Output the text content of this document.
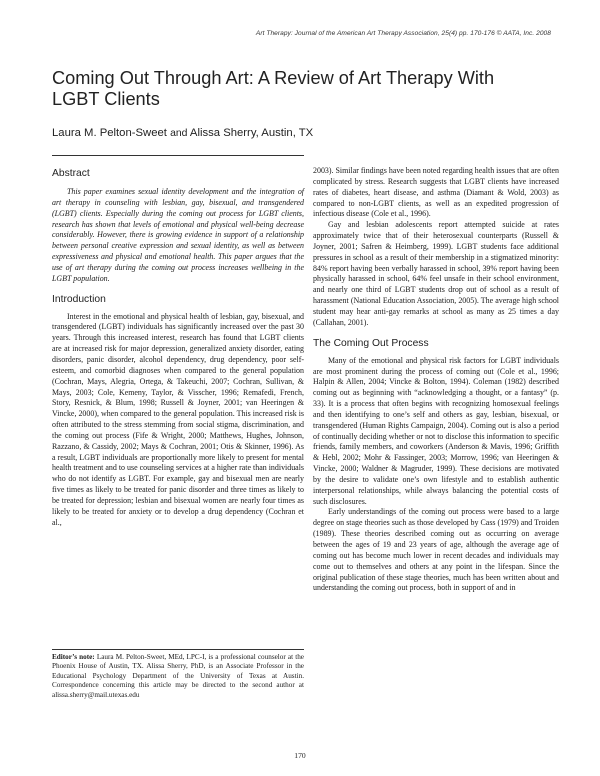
Art Therapy: Journal of the American Art Therapy Association, 25(4) pp. 170-176 © AATA, Inc. 2008
Coming Out Through Art: A Review of Art Therapy With LGBT Clients
Laura M. Pelton-Sweet and Alissa Sherry, Austin, TX
Abstract

This paper examines sexual identity development and the integration of art therapy in counseling with lesbian, gay, bisexual, and transgendered (LGBT) clients. Especially during the coming out process for LGBT clients, research has shown that levels of emotional and physical well-being decrease considerably. However, there is growing evidence in support of a relationship between personal creative expression and sexual identity, as well as between expressiveness and physical and emotional health. This paper argues that the use of art therapy during the coming out process increases wellbeing in the LGBT population.

Introduction

Interest in the emotional and physical health of lesbian, gay, bisexual, and transgendered (LGBT) individuals has significantly increased over the past 30 years. Through this increased interest, research has found that LGBT clients are at increased risk for major depression, generalized anxiety disorder, eating disorders, panic disorder, alcohol dependency, drug dependency, poor self-esteem, and comorbid diagnoses when compared to the general population (Cochran, Mays, Alegria, Ortega, & Takeuchi, 2007; Cochran, Sullivan, & Mays, 2003; Cole, Kemeny, Taylor, & Visscher, 1996; Remafedi, French, Story, Resnick, & Blum, 1998; Russell & Joyner, 2001; van Heeringen & Vincke, 2000), when compared to the general population. This increased risk is often attributed to the stress stemming from social stigma, discrimination, and the coming out process (Fife & Wright, 2000; Matthews, Hughes, Johnson, Razzano, & Cassidy, 2002; Mays & Cochran, 2001; Otis & Skinner, 1996). As a result, LGBT individuals are proportionally more likely to present for mental health treatment and to use counseling services at a higher rate than individuals who do not identify as LGBT. For example, gay and bisexual men are nearly five times as likely to be treated for panic disorder and three times as likely to be treated for depression; lesbian and bisexual women are nearly four times as likely to be treated for anxiety or to develop a drug dependency (Cochran et al.,

Editor’s note: Laura M. Pelton-Sweet, MEd, LPC-I, is a professional counselor at the Phoenix House of Austin, TX. Alissa Sherry, PhD, is an Associate Professor in the Educational Psychology Department of the University of Texas at Austin. Correspondence concerning this article may be directed to the second author at alissa.sherry@mail.utexas.edu

2003). Similar findings have been noted regarding health issues that are often complicated by stress. Research suggests that LGBT clients have increased rates of diabetes, heart disease, and asthma (Diamant & Wold, 2003) as compared to non-LGBT clients, as well as an expedited progression of infectious disease (Cole et al., 1996).

Gay and lesbian adolescents report attempted suicide at rates approximately twice that of their heterosexual counterparts (Russell & Joyner, 2001; Safren & Heimberg, 1999). LGBT students face additional pressures in school as a result of their membership in a stigmatized minority: 84% report having been verbally harassed in school, 39% report having been physically harassed in school, 64% feel unsafe in their school environment, and nearly one third of LGBT students drop out of school as a result of harassment (National Education Association, 2005). The average high school student may hear anti-gay remarks at school as many as 25 times a day (Callahan, 2001).

The Coming Out Process

Many of the emotional and physical risk factors for LGBT individuals are most prominent during the process of coming out (Cole et al., 1996; Halpin & Allen, 2004; Vincke & Bolton, 1994). Coleman (1982) described coming out as beginning with “acknowledging a thought, or a fantasy” (p. 33). It is a process that often begins with recognizing homosexual feelings and then identifying to one’s self and others as gay, lesbian, bisexual, or transgendered (Human Rights Campaign, 2004). Coming out is also a period of continually deciding whether or not to disclose this information to specific friends, family members, and coworkers (Anderson & Mavis, 1996; Griffith & Hebl, 2002; Mohr & Fassinger, 2003; Morrow, 1996; van Heeringen & Vincke, 2000; Waldner & Magruder, 1999). These decisions are motivated by the desire to validate one’s own lifestyle and to establish authentic interpersonal relationships, while always balancing the potential costs of such disclosures.

Early understandings of the coming out process were based to a large degree on stage theories such as those developed by Cass (1979) and Troiden (1989). These theories described coming out as occurring on average between the ages of 19 and 23 years of age, although the average age of coming out has become much lower in recent decades and individuals may come out to themselves and others at any point in the lifespan. Since the original publication of these stage theories, much has been written about and understanding the coming out process, both in support of and in

170
